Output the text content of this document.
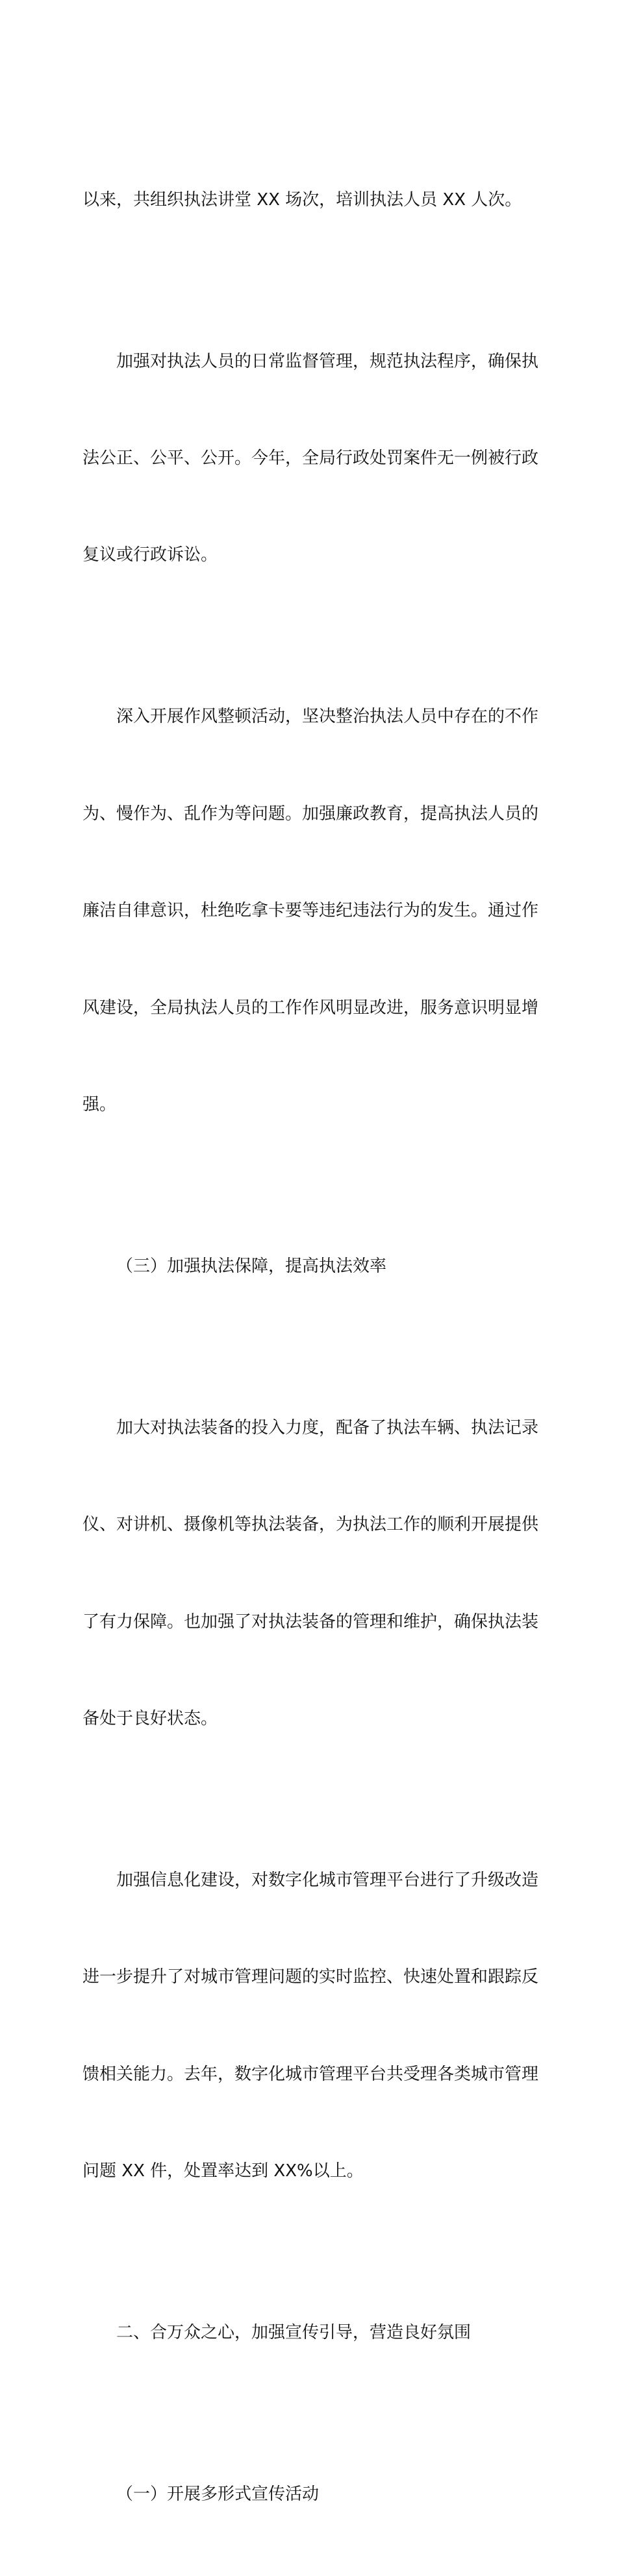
以来，共组织执法讲堂 XX 场次，培训执法人员 XX 人次。

加强对执法人员的日常监督管理，规范执法程序，确保执

法公正、公平、公开。今年，全局行政处罚案件无一例被行政

复议或行政诉讼。

深入开展作风整顿活动，坚决整治执法人员中存在的不作

为、慢作为、乱作为等问题。加强廉政教育，提高执法人员的

廉洁自律意识，杜绝吃拿卡要等违纪违法行为的发生。通过作

风建设，全局执法人员的工作作风明显改进，服务意识明显增

强。

（三）加强执法保障，提高执法效率

加大对执法装备的投入力度，配备了执法车辆、执法记录

仪、对讲机、摄像机等执法装备，为执法工作的顺利开展提供

了有力保障。也加强了对执法装备的管理和维护，确保执法装

备处于良好状态。

加强信息化建设，对数字化城市管理平台进行了升级改造

进一步提升了对城市管理问题的实时监控、快速处置和跟踪反

馈相关能力。去年，数字化城市管理平台共受理各类城市管理

问题 XX 件，处置率达到 XX%以上。

二、合万众之心，加强宣传引导，营造良好氛围

（一）开展多形式宣传活动
